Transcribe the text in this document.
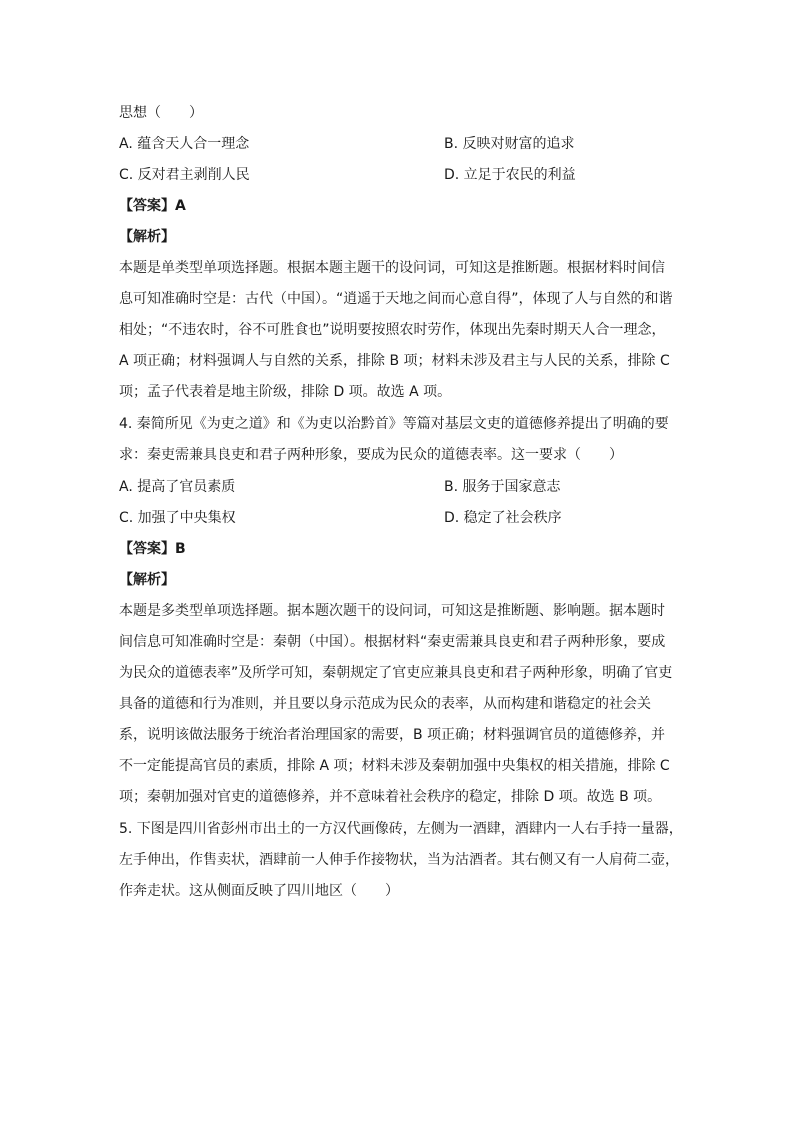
思想（　　）
A. 蕴含天人合一理念	B. 反映对财富的追求
C. 反对君主剥削人民	D. 立足于农民的利益
【答案】A
【解析】
本题是单类型单项选择题。根据本题主题干的设问词，可知这是推断题。根据材料时间信
息可知准确时空是：古代（中国）。“逍遥于天地之间而心意自得”，体现了人与自然的和谐
相处；“不违农时，谷不可胜食也”说明要按照农时劳作，体现出先秦时期天人合一理念，
A 项正确；材料强调人与自然的关系，排除 B 项；材料未涉及君主与人民的关系，排除 C
项；孟子代表着是地主阶级，排除 D 项。故选 A 项。
4. 秦简所见《为吏之道》和《为吏以治黔首》等篇对基层文吏的道德修养提出了明确的要
求：秦吏需兼具良吏和君子两种形象，要成为民众的道德表率。这一要求（　　）
A. 提高了官员素质	B. 服务于国家意志
C. 加强了中央集权	D. 稳定了社会秩序
【答案】B
【解析】
本题是多类型单项选择题。据本题次题干的设问词，可知这是推断题、影响题。据本题时
间信息可知准确时空是：秦朝（中国）。根据材料“秦吏需兼具良吏和君子两种形象，要成
为民众的道德表率”及所学可知，秦朝规定了官吏应兼具良吏和君子两种形象，明确了官吏
具备的道德和行为准则，并且要以身示范成为民众的表率，从而构建和谐稳定的社会关
系，说明该做法服务于统治者治理国家的需要，B 项正确；材料强调官员的道德修养，并
不一定能提高官员的素质，排除 A 项；材料未涉及秦朝加强中央集权的相关措施，排除 C
项；秦朝加强对官吏的道德修养，并不意味着社会秩序的稳定，排除 D 项。故选 B 项。
5. 下图是四川省彭州市出土的一方汉代画像砖，左侧为一酒肆，酒肆内一人右手持一量器，
左手伸出，作售卖状，酒肆前一人伸手作接物状，当为沽酒者。其右侧又有一人肩荷二壶，
作奔走状。这从侧面反映了四川地区（　　）
